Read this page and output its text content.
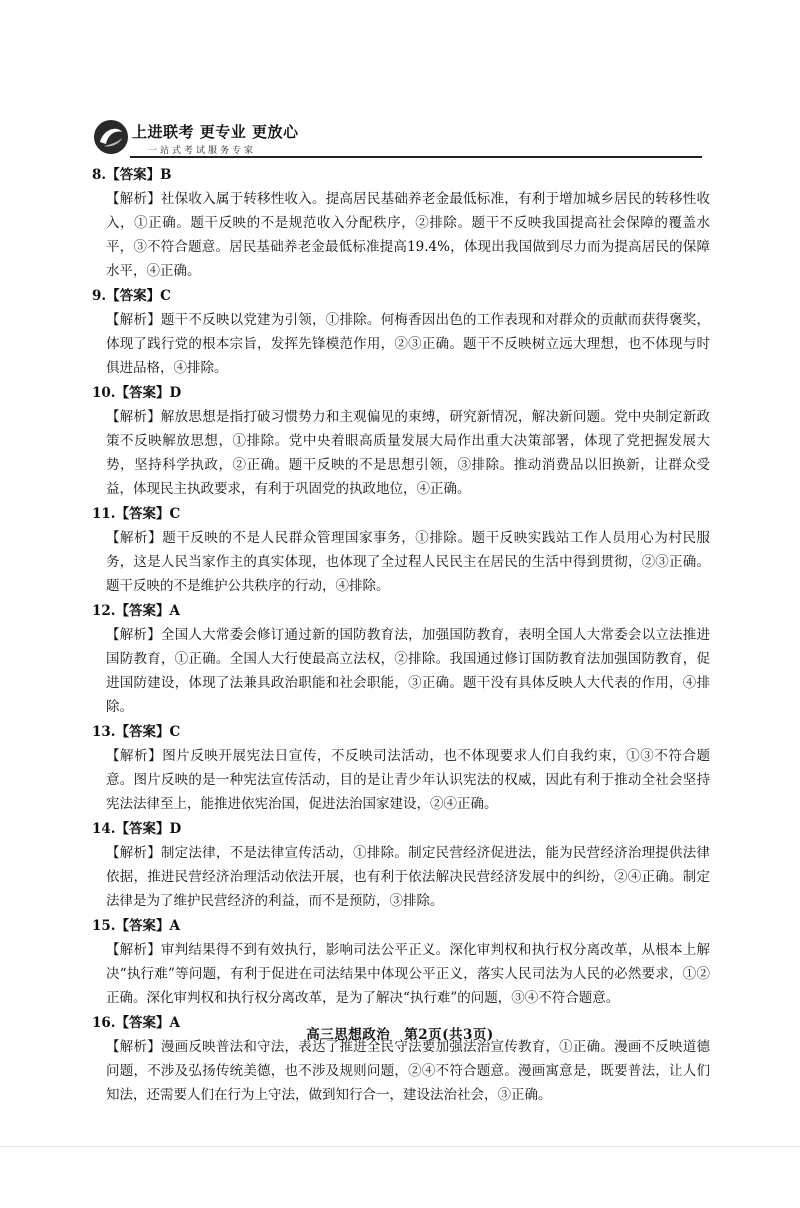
上进联考 更专业 更放心
一站式考试服务专家
8.【答案】B
【解析】社保收入属于转移性收入。提高居民基础养老金最低标准，有利于增加城乡居民的转移性收入，①正确。题干反映的不是规范收入分配秩序，②排除。题干不反映我国提高社会保障的覆盖水平，③不符合题意。居民基础养老金最低标准提高19.4%，体现出我国做到尽力而为提高居民的保障水平，④正确。
9.【答案】C
【解析】题干不反映以党建为引领，①排除。何梅香因出色的工作表现和对群众的贡献而获得褒奖，体现了践行党的根本宗旨，发挥先锋模范作用，②③正确。题干不反映树立远大理想，也不体现与时俱进品格，④排除。
10.【答案】D
【解析】解放思想是指打破习惯势力和主观偏见的束缚，研究新情况，解决新问题。党中央制定新政策不反映解放思想，①排除。党中央着眼高质量发展大局作出重大决策部署，体现了党把握发展大势，坚持科学执政，②正确。题干反映的不是思想引领，③排除。推动消费品以旧换新，让群众受益，体现民主执政要求，有利于巩固党的执政地位，④正确。
11.【答案】C
【解析】题干反映的不是人民群众管理国家事务，①排除。题干反映实践站工作人员用心为村民服务，这是人民当家作主的真实体现，也体现了全过程人民民主在居民的生活中得到贯彻，②③正确。题干反映的不是维护公共秩序的行动，④排除。
12.【答案】A
【解析】全国人大常委会修订通过新的国防教育法，加强国防教育，表明全国人大常委会以立法推进国防教育，①正确。全国人大行使最高立法权，②排除。我国通过修订国防教育法加强国防教育，促进国防建设，体现了法兼具政治职能和社会职能，③正确。题干没有具体反映人大代表的作用，④排除。
13.【答案】C
【解析】图片反映开展宪法日宣传，不反映司法活动，也不体现要求人们自我约束，①③不符合题意。图片反映的是一种宪法宣传活动，目的是让青少年认识宪法的权威，因此有利于推动全社会坚持宪法法律至上，能推进依宪治国，促进法治国家建设，②④正确。
14.【答案】D
【解析】制定法律，不是法律宣传活动，①排除。制定民营经济促进法，能为民营经济治理提供法律依据，推进民营经济治理活动依法开展，也有利于依法解决民营经济发展中的纠纷，②④正确。制定法律是为了维护民营经济的利益，而不是预防，③排除。
15.【答案】A
【解析】审判结果得不到有效执行，影响司法公平正义。深化审判权和执行权分离改革，从根本上解决“执行难”等问题，有利于促进在司法结果中体现公平正义，落实人民司法为人民的必然要求，①②正确。深化审判权和执行权分离改革，是为了解决“执行难”的问题，③④不符合题意。
16.【答案】A
【解析】漫画反映普法和守法，表达了推进全民守法要加强法治宣传教育，①正确。漫画不反映道德问题，不涉及弘扬传统美德，也不涉及规则问题，②④不符合题意。漫画寓意是，既要普法，让人们知法，还需要人们在行为上守法，做到知行合一，建设法治社会，③正确。
高三思想政治　第2页(共3页)
